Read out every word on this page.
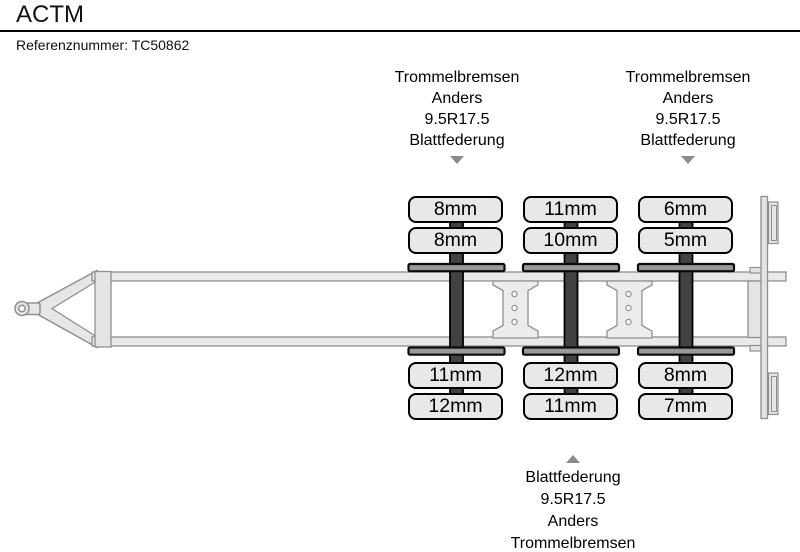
ACTM
Referenznummer: TC50862
8mm
8mm
11mm
10mm
6mm
5mm
11mm
12mm
12mm
11mm
8mm
7mm
Trommelbremsen
Anders
9.5R17.5
Blattfederung
Trommelbremsen
Anders
9.5R17.5
Blattfederung
Blattfederung
9.5R17.5
Anders
Trommelbremsen
